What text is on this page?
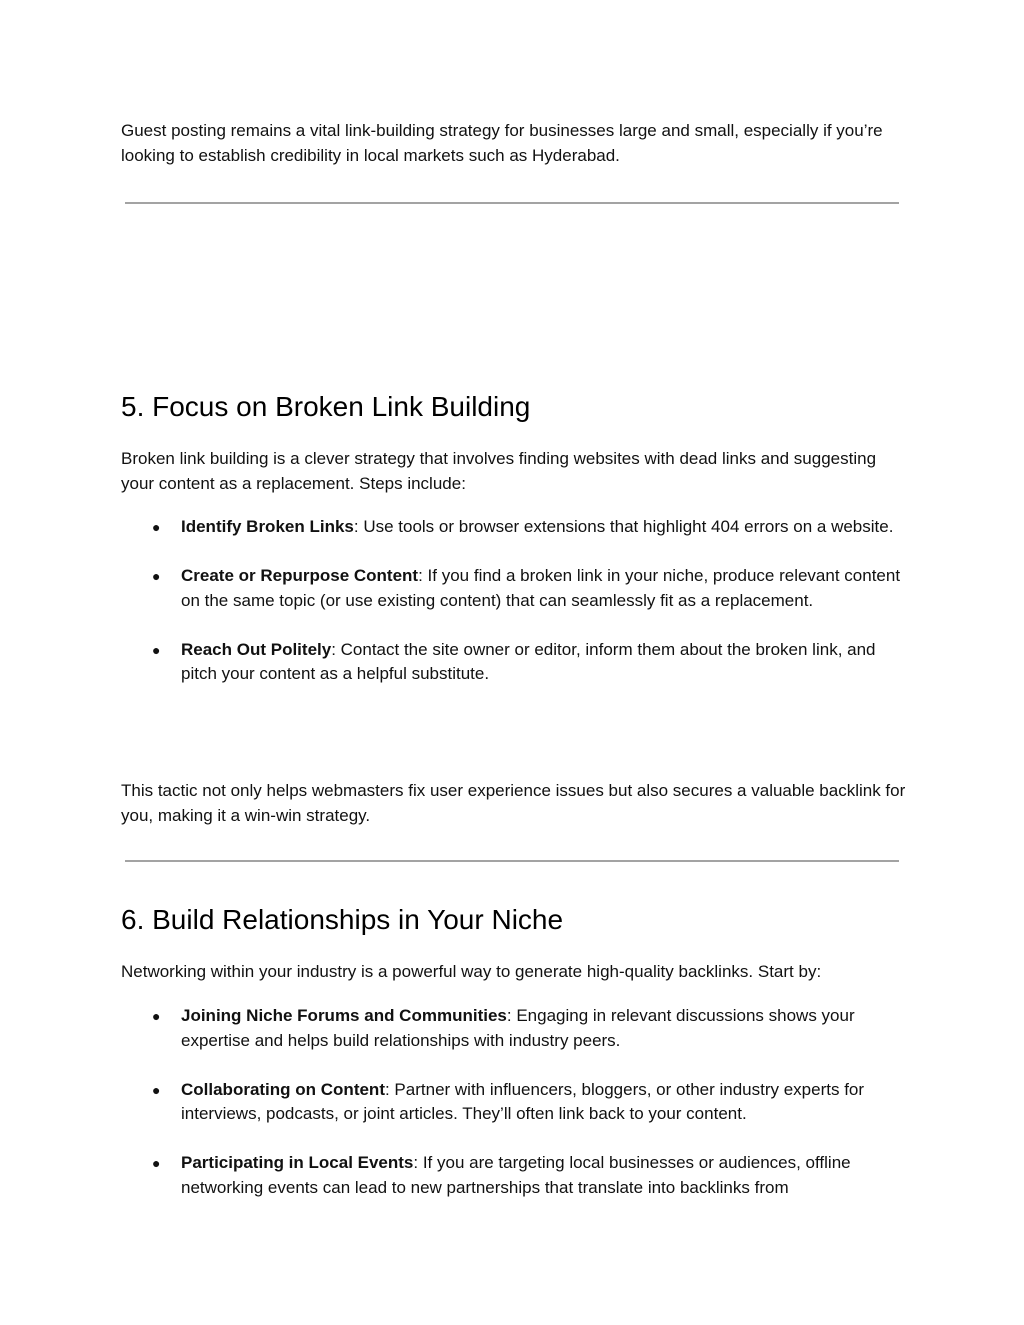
Guest posting remains a vital link-building strategy for businesses large and small, especially if you’re looking to establish credibility in local markets such as Hyderabad.

5. Focus on Broken Link Building

Broken link building is a clever strategy that involves finding websites with dead links and suggesting your content as a replacement. Steps include:

● Identify Broken Links: Use tools or browser extensions that highlight 404 errors on a website.
● Create or Repurpose Content: If you find a broken link in your niche, produce relevant content on the same topic (or use existing content) that can seamlessly fit as a replacement.
● Reach Out Politely: Contact the site owner or editor, inform them about the broken link, and pitch your content as a helpful substitute.

This tactic not only helps webmasters fix user experience issues but also secures a valuable backlink for you, making it a win-win strategy.

6. Build Relationships in Your Niche

Networking within your industry is a powerful way to generate high-quality backlinks. Start by:

● Joining Niche Forums and Communities: Engaging in relevant discussions shows your expertise and helps build relationships with industry peers.
● Collaborating on Content: Partner with influencers, bloggers, or other industry experts for interviews, podcasts, or joint articles. They’ll often link back to your content.
● Participating in Local Events: If you are targeting local businesses or audiences, offline networking events can lead to new partnerships that translate into backlinks from
